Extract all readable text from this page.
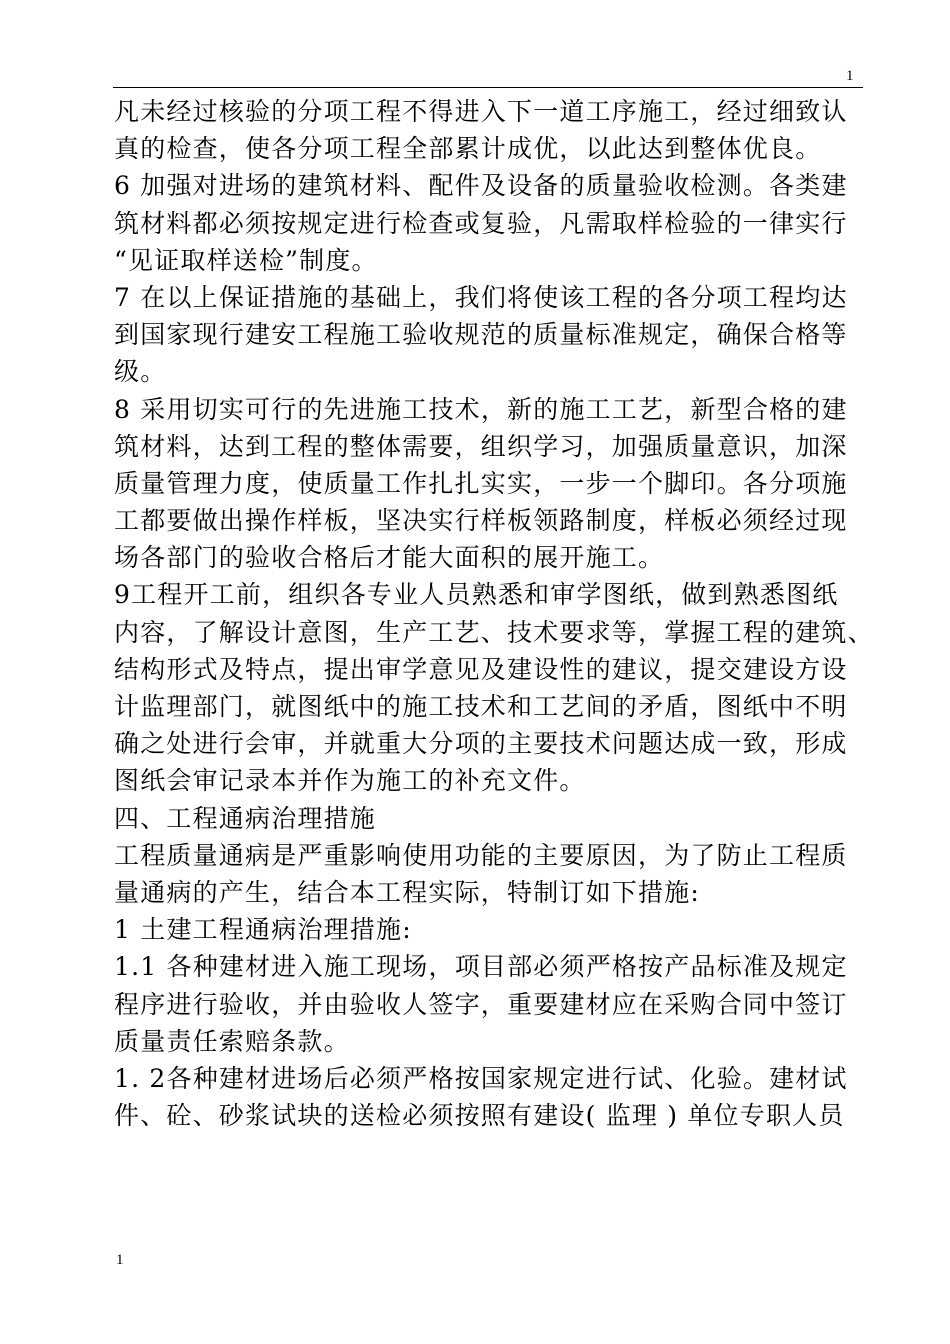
1
凡未经过核验的分项工程不得进入下一道工序施工，经过细致认
真的检查，使各分项工程全部累计成优，以此达到整体优良。
6 加强对进场的建筑材料、配件及设备的质量验收检测。各类建
筑材料都必须按规定进行检查或复验，凡需取样检验的一律实行
“见证取样送检”制度。
7 在以上保证措施的基础上，我们将使该工程的各分项工程均达
到国家现行建安工程施工验收规范的质量标准规定，确保合格等
级。
8 采用切实可行的先进施工技术，新的施工工艺，新型合格的建
筑材料，达到工程的整体需要，组织学习，加强质量意识，加深
质量管理力度，使质量工作扎扎实实，一步一个脚印。各分项施
工都要做出操作样板，坚决实行样板领路制度，样板必须经过现
场各部门的验收合格后才能大面积的展开施工。
9工程开工前，组织各专业人员熟悉和审学图纸，做到熟悉图纸
内容，了解设计意图，生产工艺、技术要求等，掌握工程的建筑、
结构形式及特点，提出审学意见及建设性的建议，提交建设方设
计监理部门，就图纸中的施工技术和工艺间的矛盾，图纸中不明
确之处进行会审，并就重大分项的主要技术问题达成一致，形成
图纸会审记录本并作为施工的补充文件。
四、工程通病治理措施
工程质量通病是严重影响使用功能的主要原因，为了防止工程质
量通病的产生，结合本工程实际，特制订如下措施:
1 土建工程通病治理措施:
1.1 各种建材进入施工现场，项目部必须严格按产品标准及规定
程序进行验收，并由验收人签字，重要建材应在采购合同中签订
质量责任索赔条款。
1. 2各种建材进场后必须严格按国家规定进行试、化验。建材试
件、砼、砂浆试块的送检必须按照有建设( 监理 ) 单位专职人员
1
